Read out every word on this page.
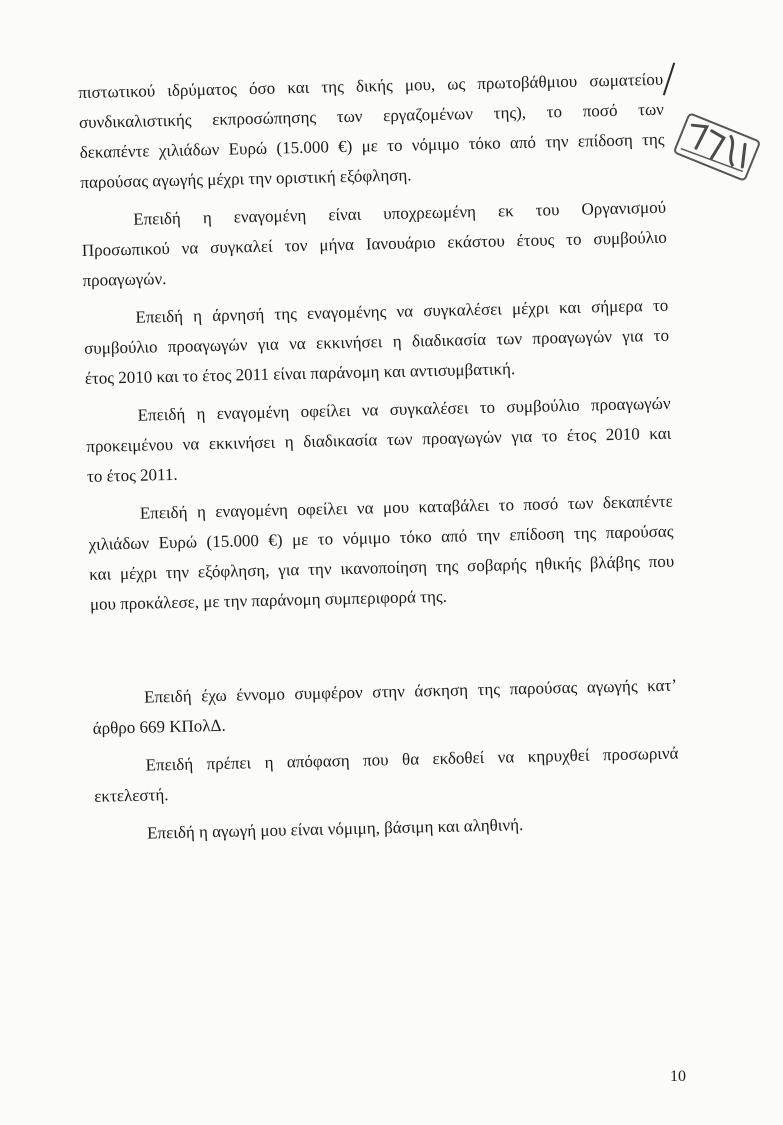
πιστωτικού ιδρύματος όσο και της δικής μου, ως πρωτοβάθμιου σωματείου
συνδικαλιστικής εκπροσώπησης των εργαζομένων της), το ποσό των
δεκαπέντε χιλιάδων Ευρώ (15.000 €) με το νόμιμο τόκο από την επίδοση της
παρούσας αγωγής μέχρι την οριστική εξόφληση.
Επειδή η εναγομένη είναι υποχρεωμένη εκ του Οργανισμού
Προσωπικού να συγκαλεί τον μήνα Ιανουάριο εκάστου έτους το συμβούλιο
προαγωγών.
Επειδή η άρνησή της εναγομένης να συγκαλέσει μέχρι και σήμερα το
συμβούλιο προαγωγών για να εκκινήσει η διαδικασία των προαγωγών για το
έτος 2010 και το έτος 2011 είναι παράνομη και αντισυμβατική.
Επειδή η εναγομένη οφείλει να συγκαλέσει το συμβούλιο προαγωγών
προκειμένου να εκκινήσει η διαδικασία των προαγωγών για το έτος 2010 και
το έτος 2011.
Επειδή η εναγομένη οφείλει να μου καταβάλει το ποσό των δεκαπέντε
χιλιάδων Ευρώ (15.000 €) με το νόμιμο τόκο από την επίδοση της παρούσας
και μέχρι την εξόφληση, για την ικανοποίηση της σοβαρής ηθικής βλάβης που
μου προκάλεσε, με την παράνομη συμπεριφορά της.
Επειδή έχω έννομο συμφέρον στην άσκηση της παρούσας αγωγής κατ’
άρθρο 669 ΚΠολΔ.
Επειδή πρέπει η απόφαση που θα εκδοθεί να κηρυχθεί προσωρινά
εκτελεστή.
Επειδή η αγωγή μου είναι νόμιμη, βάσιμη και αληθινή.
10
